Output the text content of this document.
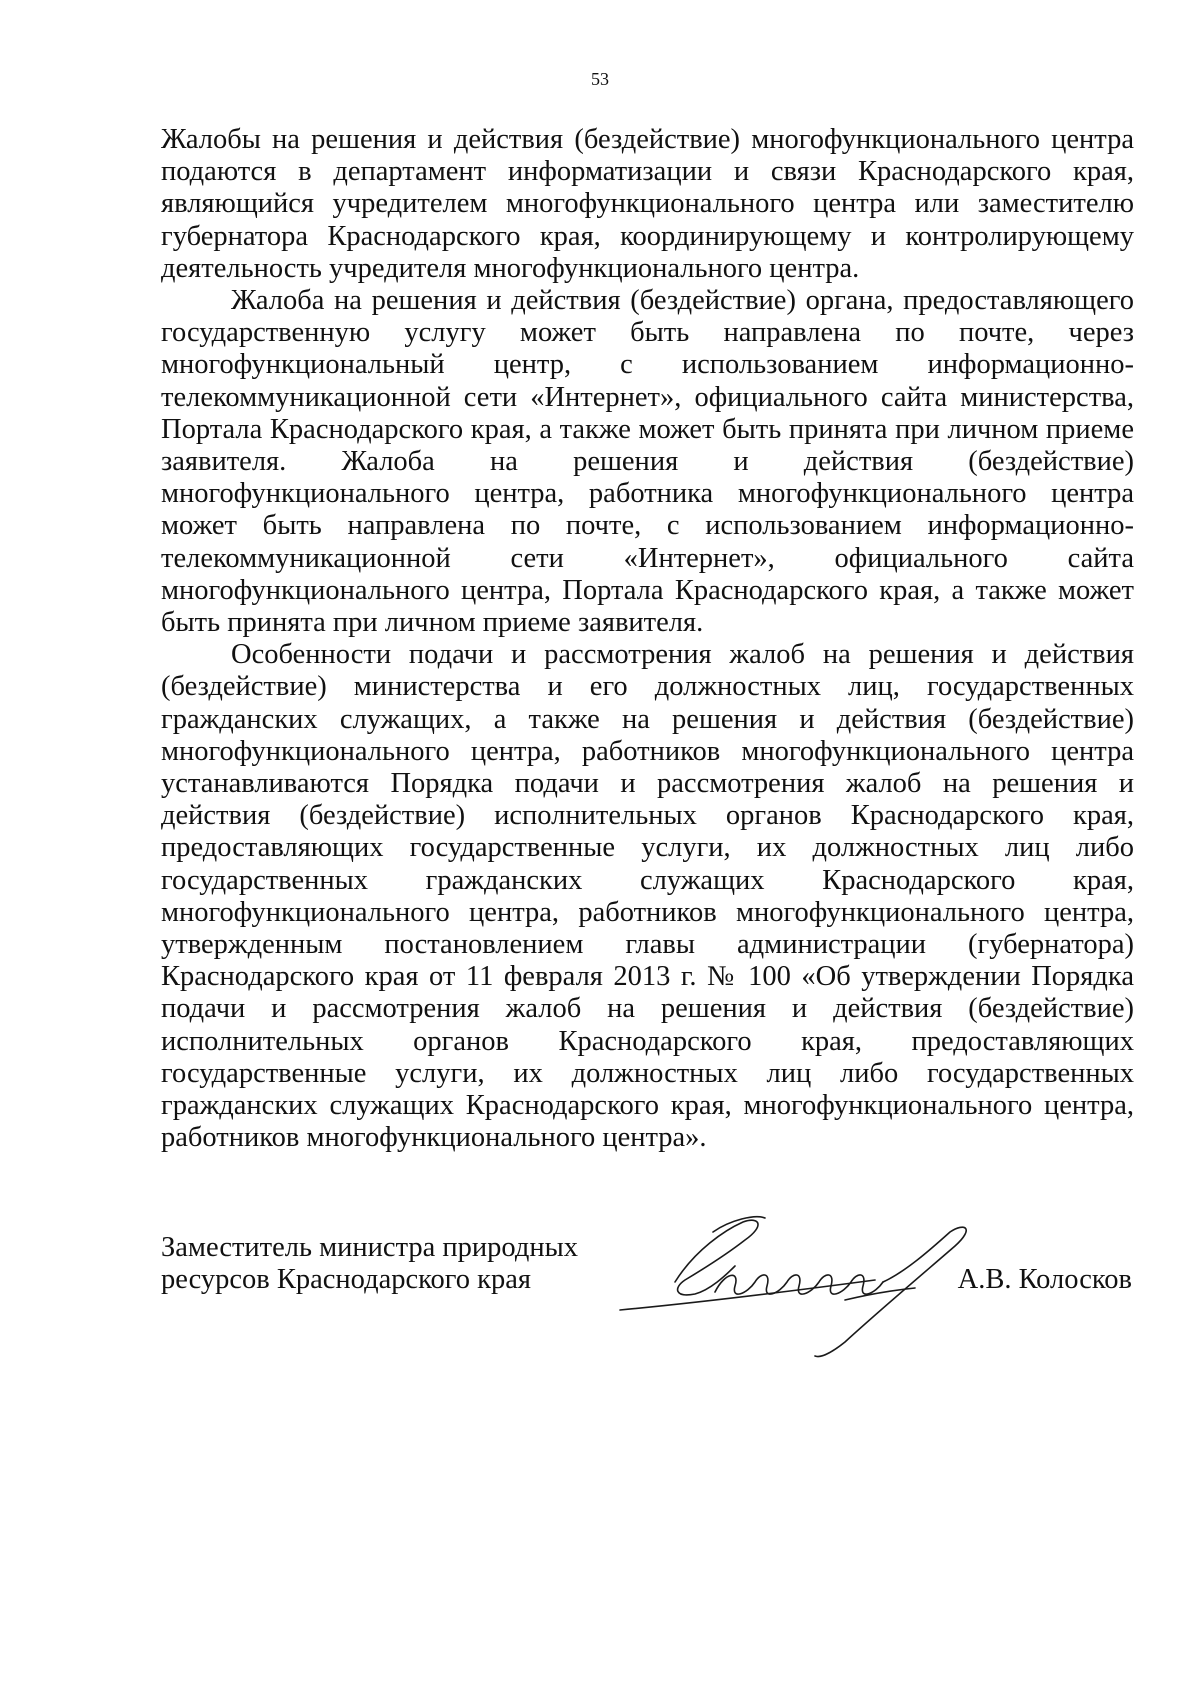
53

Жалобы на решения и действия (бездействие) многофункционального центра подаются в департамент информатизации и связи Краснодарского края, являющийся учредителем многофункционального центра или заместителю губернатора Краснодарского края, координирующему и контролирующему деятельность учредителя многофункционального центра.

Жалоба на решения и действия (бездействие) органа, предоставляющего государственную услугу может быть направлена по почте, через многофункциональный центр, с использованием информационно-телекоммуникационной сети «Интернет», официального сайта министерства, Портала Краснодарского края, а также может быть принята при личном приеме заявителя. Жалоба на решения и действия (бездействие) многофункционального центра, работника многофункционального центра может быть направлена по почте, с использованием информационно-телекоммуникационной сети «Интернет», официального сайта многофункционального центра, Портала Краснодарского края, а также может быть принята при личном приеме заявителя.

Особенности подачи и рассмотрения жалоб на решения и действия (бездействие) министерства и его должностных лиц, государственных гражданских служащих, а также на решения и действия (бездействие) многофункционального центра, работников многофункционального центра устанавливаются Порядка подачи и рассмотрения жалоб на решения и действия (бездействие) исполнительных органов Краснодарского края, предоставляющих государственные услуги, их должностных лиц либо государственных гражданских служащих Краснодарского края, многофункционального центра, работников многофункционального центра, утвержденным постановлением главы администрации (губернатора) Краснодарского края от 11 февраля 2013 г. № 100 «Об утверждении Порядка подачи и рассмотрения жалоб на решения и действия (бездействие) исполнительных органов Краснодарского края, предоставляющих государственные услуги, их должностных лиц либо государственных гражданских служащих Краснодарского края, многофункционального центра, работников многофункционального центра».

Заместитель министра природных
ресурсов Краснодарского края	А.В. Колосков
